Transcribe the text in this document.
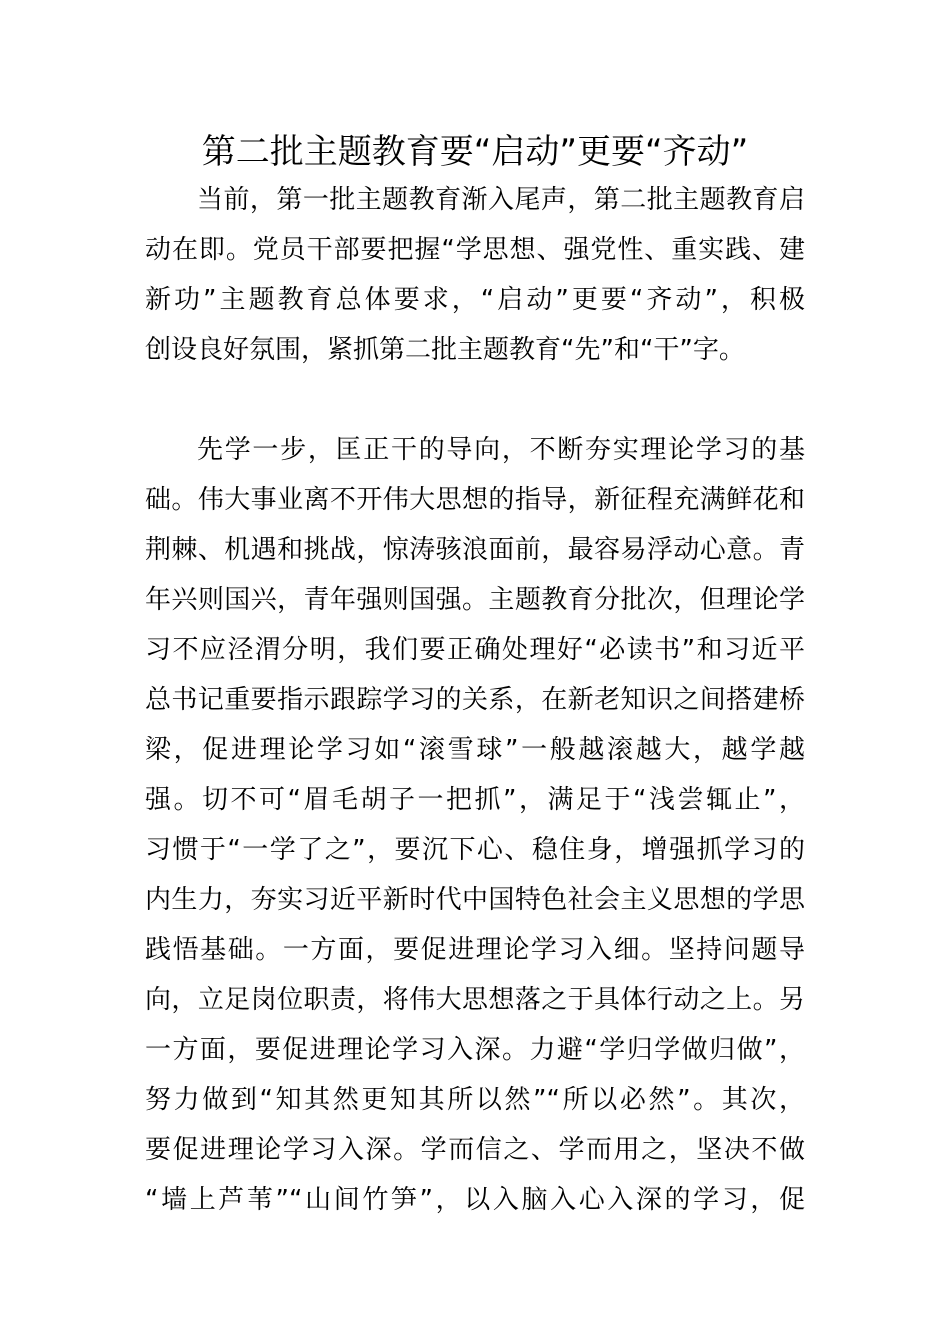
第二批主题教育要“启动”更要“齐动”
当前，第一批主题教育渐入尾声，第二批主题教育启
动在即。党员干部要把握“学思想、强党性、重实践、建
新功”主题教育总体要求，“启动”更要“齐动”，积极
创设良好氛围，紧抓第二批主题教育“先”和“干”字。
先学一步，匡正干的导向，不断夯实理论学习的基
础。伟大事业离不开伟大思想的指导，新征程充满鲜花和
荆棘、机遇和挑战，惊涛骇浪面前，最容易浮动心意。青
年兴则国兴，青年强则国强。主题教育分批次，但理论学
习不应泾渭分明，我们要正确处理好“必读书”和习近平
总书记重要指示跟踪学习的关系，在新老知识之间搭建桥
梁，促进理论学习如“滚雪球”一般越滚越大，越学越
强。切不可“眉毛胡子一把抓”，满足于“浅尝辄止”，
习惯于“一学了之”，要沉下心、稳住身，增强抓学习的
内生力，夯实习近平新时代中国特色社会主义思想的学思
践悟基础。一方面，要促进理论学习入细。坚持问题导
向，立足岗位职责，将伟大思想落之于具体行动之上。另
一方面，要促进理论学习入深。力避“学归学做归做”，
努力做到“知其然更知其所以然”“所以必然”。其次，
要促进理论学习入深。学而信之、学而用之，坚决不做
“墙上芦苇”“山间竹笋”，以入脑入心入深的学习，促
